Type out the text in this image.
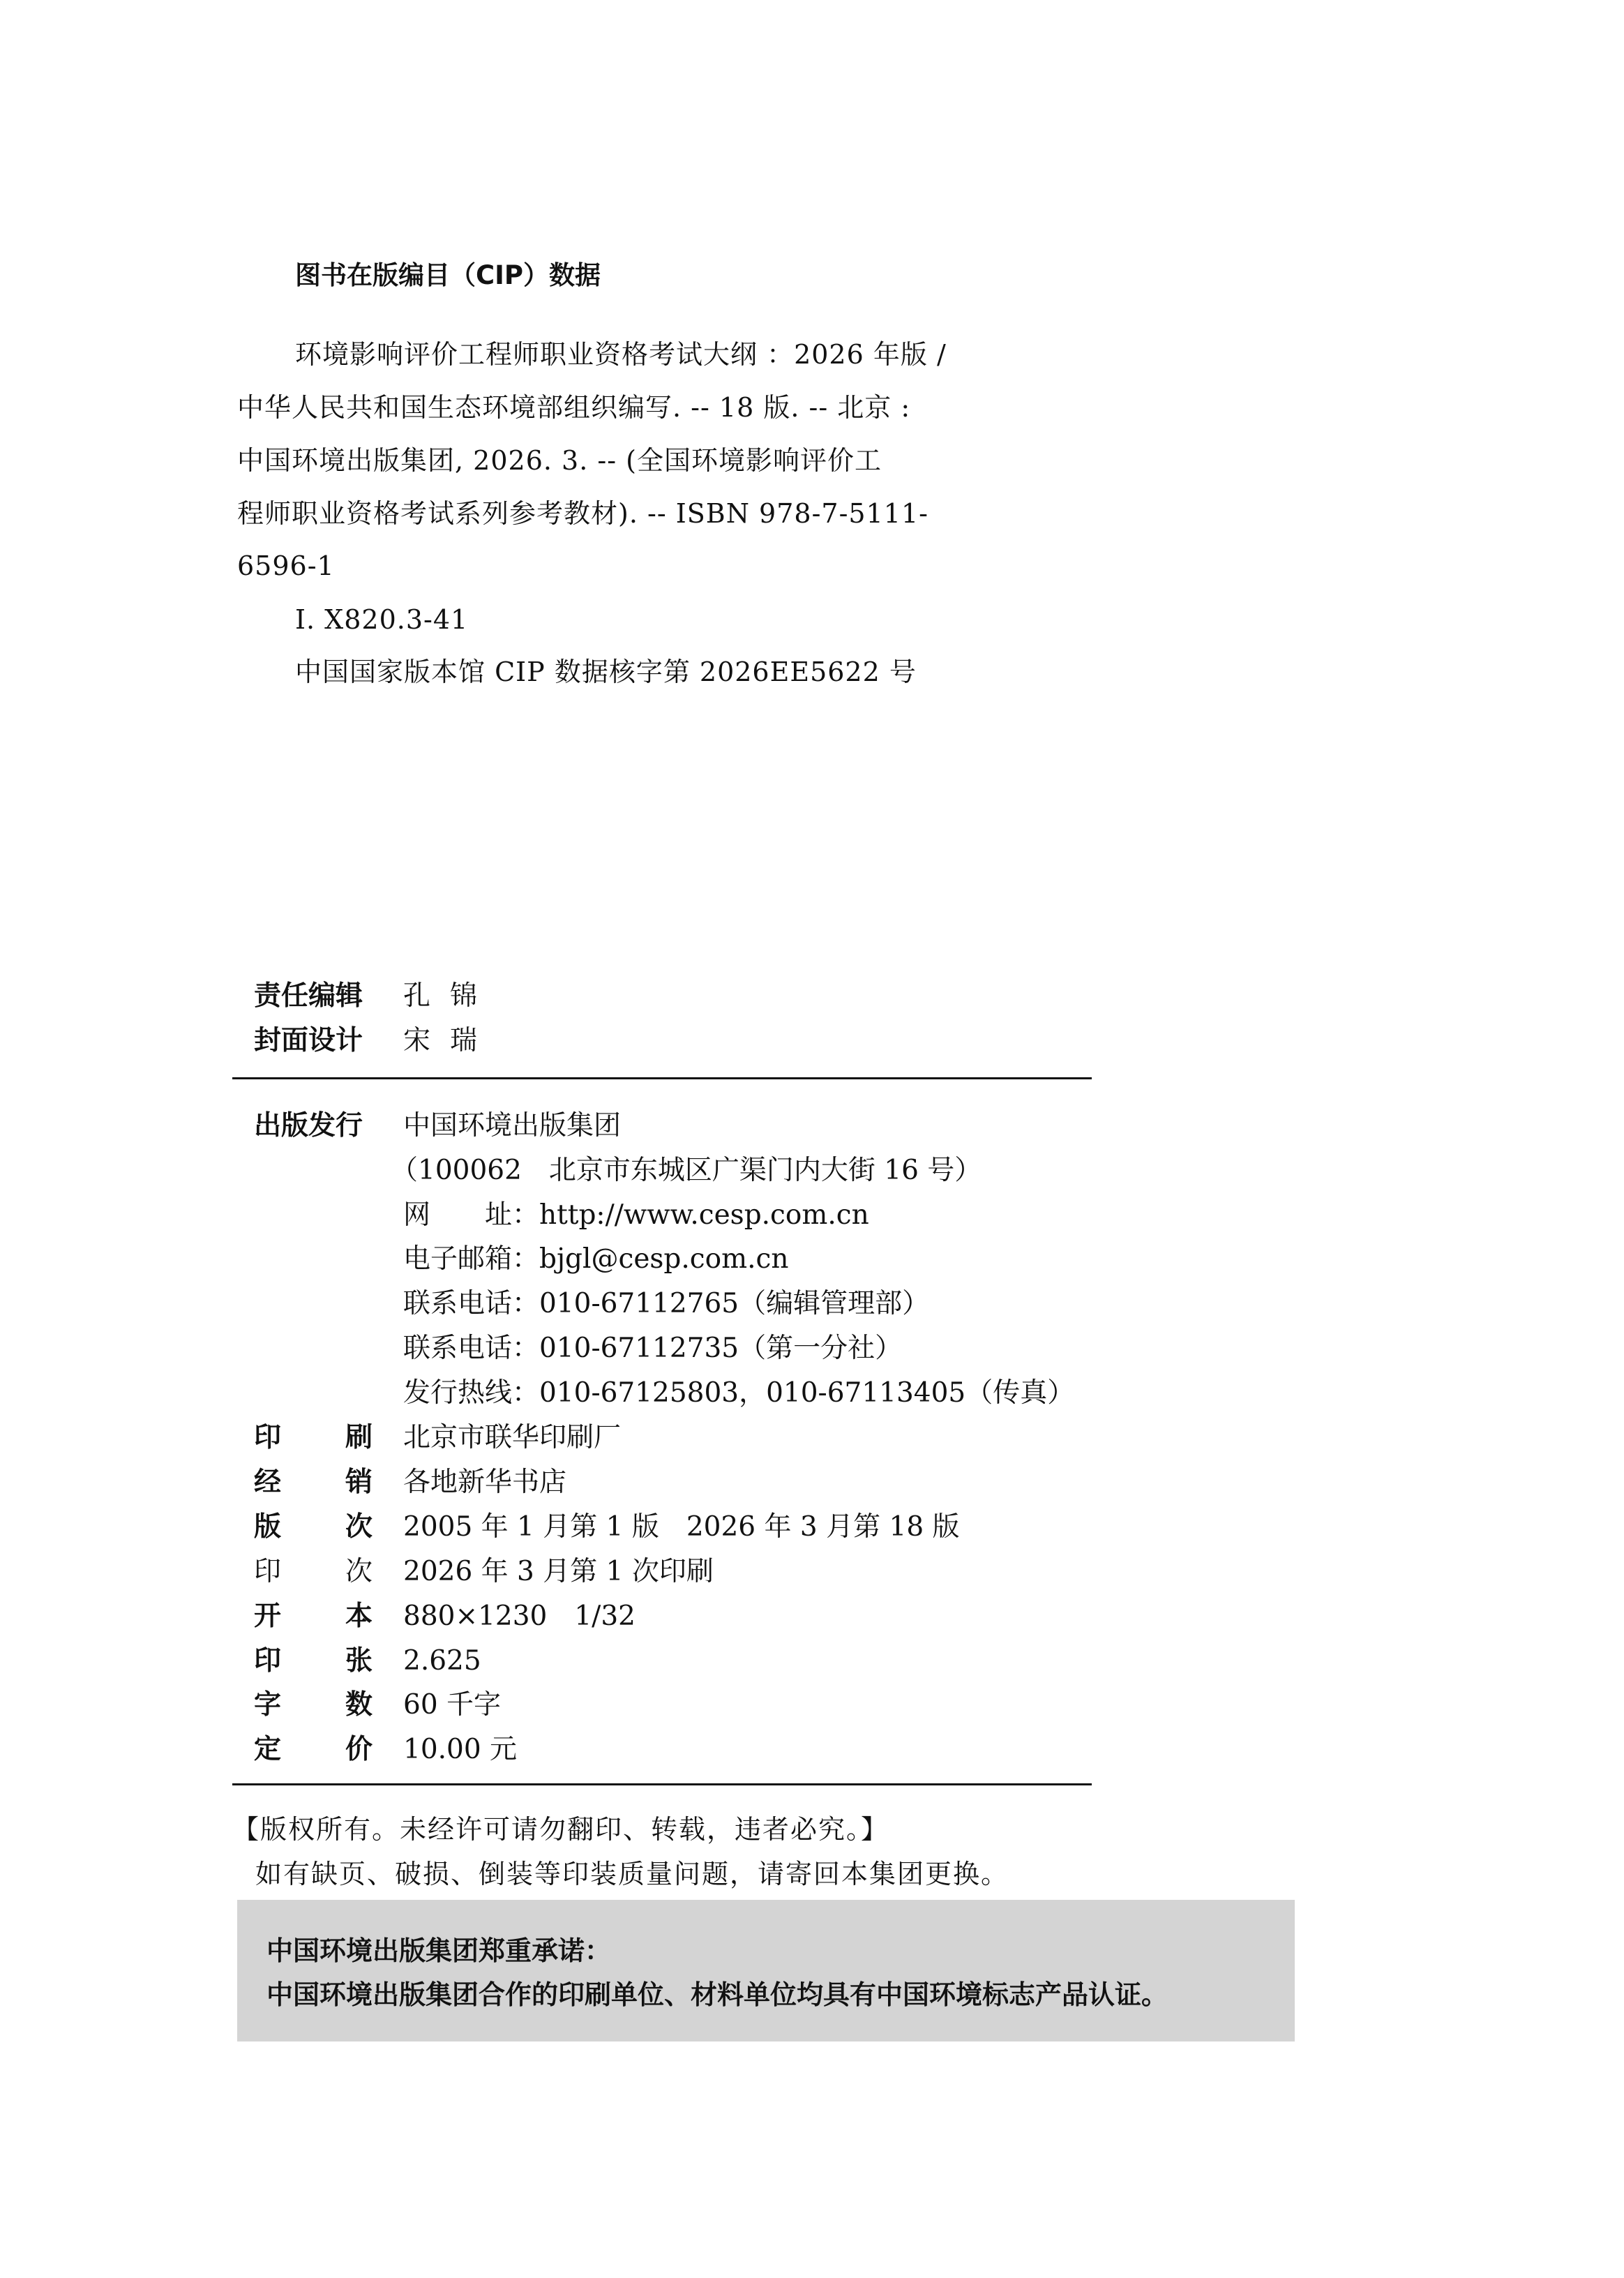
图书在版编目（CIP）数据
环境影响评价工程师职业资格考试大纲 ：2026 年版 /
中华人民共和国生态环境部组织编写. -- 18 版. -- 北京 :
中国环境出版集团, 2026. 3. -- (全国环境影响评价工
程师职业资格考试系列参考教材). -- ISBN 978-7-5111-
6596-1
Ⅰ. X820.3-41
中国国家版本馆 CIP 数据核字第 2026EE5622 号
责任编辑 孔锦
封面设计 宋瑞
出版发行 中国环境出版集团
（100062　北京市东城区广渠门内大街 16 号）
网　　址：http://www.cesp.com.cn
电子邮箱：bjgl@cesp.com.cn
联系电话：010-67112765（编辑管理部）
联系电话：010-67112735（第一分社）
发行热线：010-67125803，010-67113405（传真）
印 刷 北京市联华印刷厂
经 销 各地新华书店
版 次 2005 年 1 月第 1 版　2026 年 3 月第 18 版
印 次 2026 年 3 月第 1 次印刷
开 本 880×1230　1/32
印 张 2.625
字 数 60 千字
定 价 10.00 元
【版权所有。未经许可请勿翻印、转载，违者必究。】
如有缺页、破损、倒装等印装质量问题，请寄回本集团更换。
中国环境出版集团郑重承诺：
中国环境出版集团合作的印刷单位、材料单位均具有中国环境标志产品认证。
